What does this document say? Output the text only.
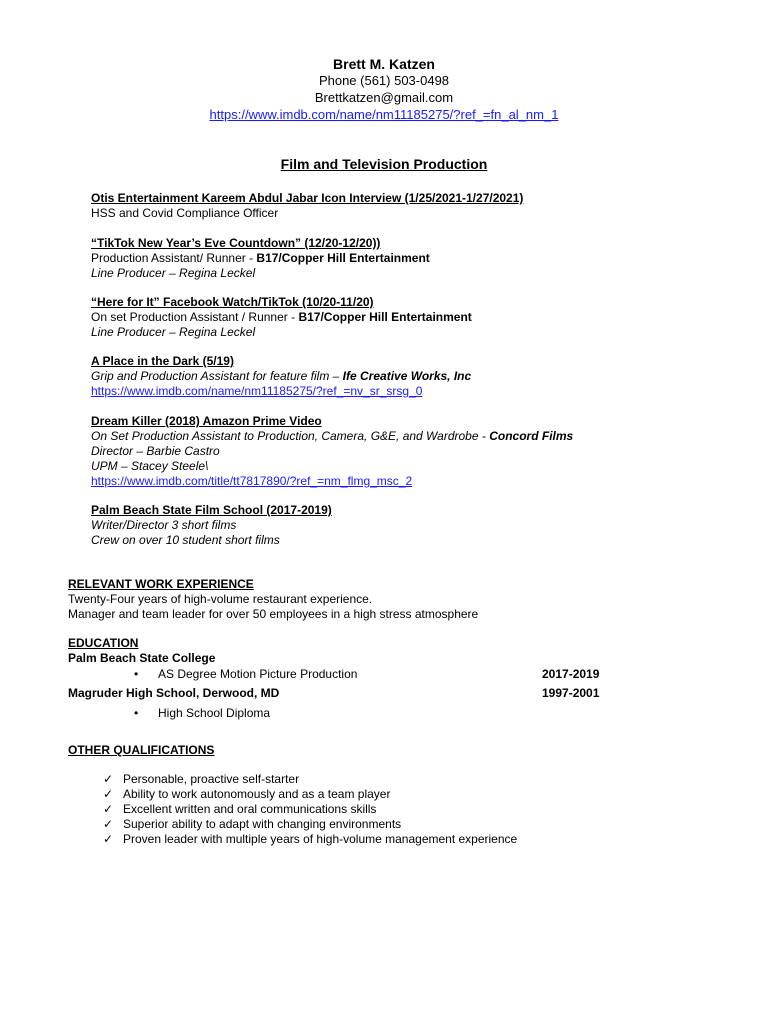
Brett M. Katzen
Phone (561) 503-0498
Brettkatzen@gmail.com
https://www.imdb.com/name/nm11185275/?ref_=fn_al_nm_1
Film and Television Production
Otis Entertainment Kareem Abdul Jabar Icon Interview (1/25/2021-1/27/2021)
HSS and Covid Compliance Officer
“TikTok New Year’s Eve Countdown” (12/20-12/20))
Production Assistant/ Runner - B17/Copper Hill Entertainment
Line Producer – Regina Leckel
“Here for It” Facebook Watch/TikTok (10/20-11/20)
On set Production Assistant / Runner - B17/Copper Hill Entertainment
Line Producer – Regina Leckel
A Place in the Dark (5/19)
Grip and Production Assistant for feature film – Ife Creative Works, Inc
https://www.imdb.com/name/nm11185275/?ref_=nv_sr_srsg_0
Dream Killer (2018) Amazon Prime Video
On Set Production Assistant to Production, Camera, G&E, and Wardrobe - Concord Films
Director – Barbie Castro
UPM – Stacey Steele\
https://www.imdb.com/title/tt7817890/?ref_=nm_flmg_msc_2
Palm Beach State Film School (2017-2019)
Writer/Director 3 short films
Crew on over 10 student short films
RELEVANT WORK EXPERIENCE
Twenty-Four years of high-volume restaurant experience.
Manager and team leader for over 50 employees in a high stress atmosphere
EDUCATION
Palm Beach State College
• AS Degree Motion Picture Production	2017-2019
Magruder High School, Derwood, MD	1997-2001
• High School Diploma
OTHER QUALIFICATIONS
✓ Personable, proactive self-starter
✓ Ability to work autonomously and as a team player
✓ Excellent written and oral communications skills
✓ Superior ability to adapt with changing environments
✓ Proven leader with multiple years of high-volume management experience
